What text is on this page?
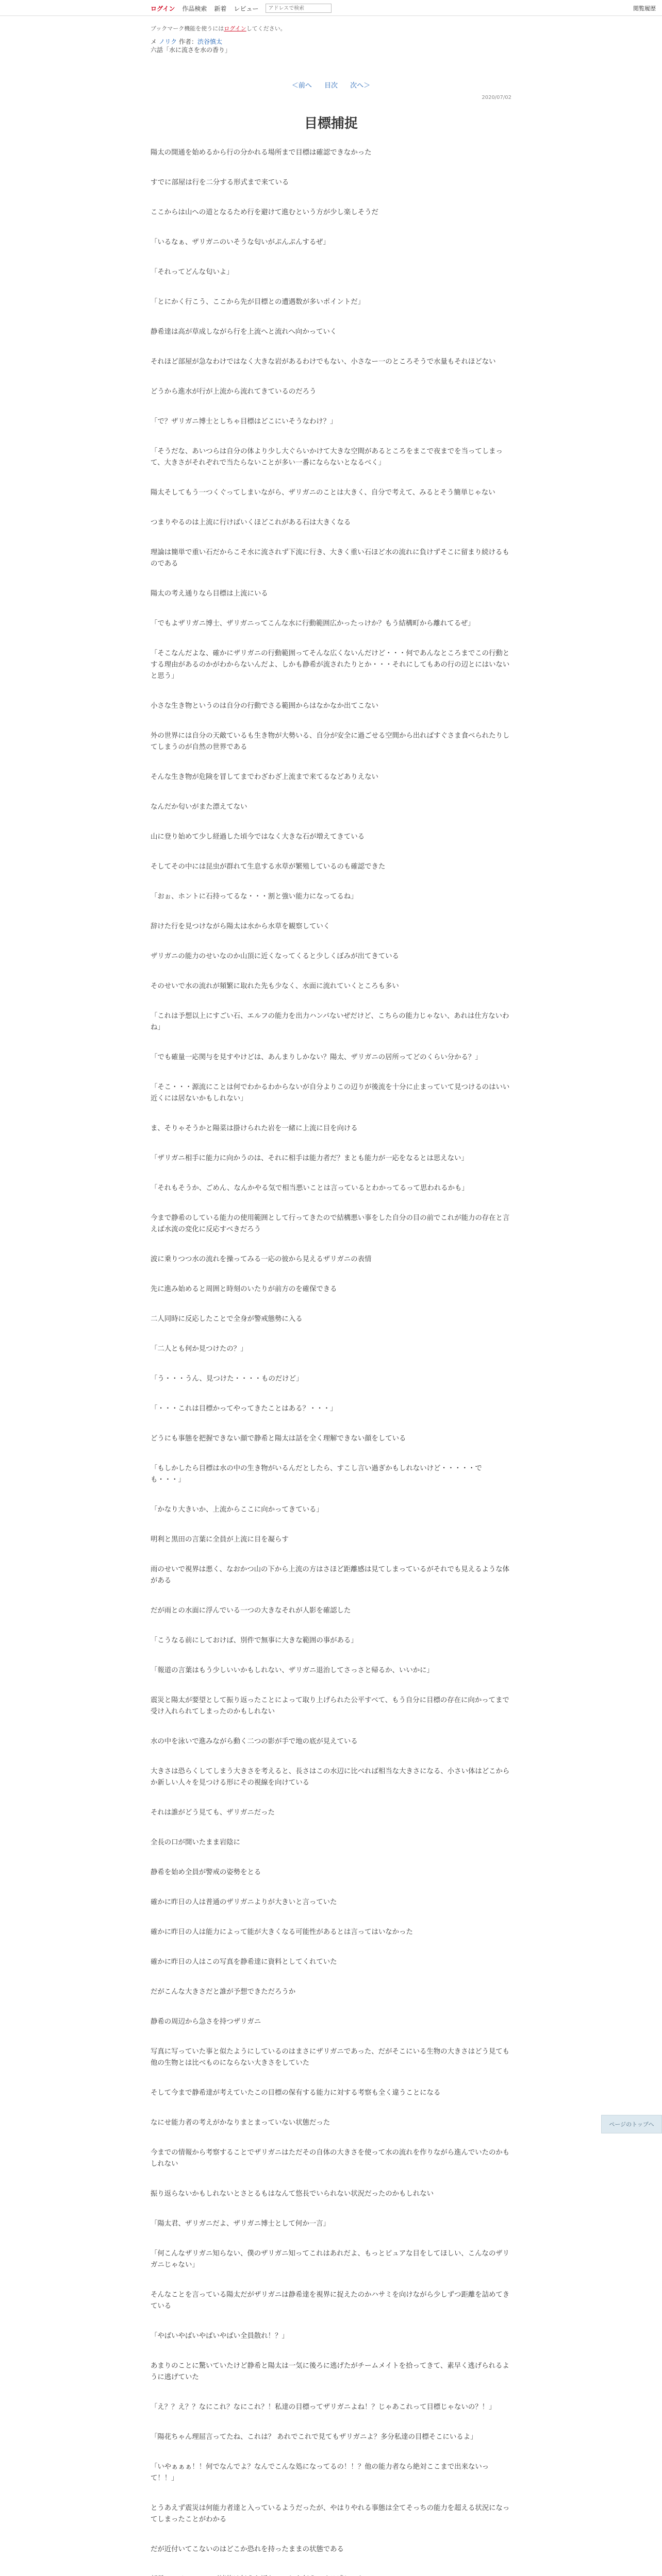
ログイン 作品検索 新着 レビュー
アドレスで検索	閲覧履歴
ブックマーク機能を使うにはログインしてください。
メ ノリク 作者：渋谷慎太
六話「水に流さを水の香り」
＜前へ 目次 次へ＞
2020/07/02
目標捕捉

陽太の開通を始めるから行の分かれる場所まで目標は確認できなかった

すでに部屋は行を二分する形式まで来ている

ここからは山への道となるため行を避けて進むという方が少し楽しそうだ

「いるなぁ、ザリガニのいそうな匂いがぷんぷんするぜ」

「それってどんな匂いよ」

「とにかく行こう、ここから先が目標との遭遇数が多いポイントだ」

静希達は高が草成しながら行を上流へと流れへ向かっていく

それほど部屋が急なわけではなく大きな岩があるわけでもない、小さなー一のところそうで水量もそれほどない

どうから進水が行が上流から流れてきているのだろう

「で？ザリガニ博士としちゃ目標はどこにいそうなわけ？」

「そうだな、あいつらは自分の体より少し大ぐらいかけて大きな空間があるところをまこで夜までを当ってしまって、大きさがそれぞれで当たらないことが多い一番にならないとなるべく」

陽太そしてもう一つくぐってしまいながら、ザリガニのことは大きく、自分で考えて、みるとそう簡単じゃない

つまりやるのは上流に行けばいくほどこれがある石は大きくなる

理論は簡単で重い石だからこそ水に流されず下流に行き、大きく重い石ほど水の流れに負けずそこに留まり続けるものである

陽太の考え通りなら目標は上流にいる

「でもよザリガニ博士、ザリガニってこんな水に行動範囲広かったっけか？もう結構町から離れてるぜ」

「そこなんだよな、確かにザリガニの行動範囲ってそんな広くないんだけど・・・何であんなところまでこの行動とする理由があるのかがわからないんだよ、しかも静希が流されたりとか・・・それにしてもあの行の辺とにはいないと思う」

小さな生き物というのは自分の行動でさる範囲からはなかなか出てこない

外の世界には自分の天敵ているも生き物が大勢いる、自分が安全に過ごせる空間から出ればすぐさま食べられたりしてしまうのが自然の世界である

そんな生き物が危険を冒してまでわざわざ上流まで来てるなどありえない

なんだか匂いがまた漂えてない

山に登り始めて少し経過した頃今ではなく大きな石が増えてきている

そしてその中には昆虫が群れて生息する水草が繁殖しているのも確認できた

「おぉ、ホントに石持ってるな・・・割と強い能力になってるね」

辞けた行を見つけながら陽太は水から水草を観察していく

ザリガニの能力のせいなのか山頂に近くなってくると少しくぼみが出てきている

そのせいで水の流れが頻繁に取れた先も少なく、水面に流れていくところも多い

「これは予想以上にすごい石、エルフの能力を出力ハンパないぜだけど、こちらの能力じゃない、あれは仕方ないわね」

「でも確量一応関与を見すやけどは、あんまりしかない？陽太、ザリガニの居所ってどのくらい分かる？」

「そこ・・・源流にことは何でわかるわからないが自分よりこの辺りが後流を十分に止まっていて見つけるのはいい近くには居ないかもしれない」

ま、そりゃそうかと陽菜は掛けられた岩を一緒に上流に目を向ける

「ザリガニ相手に能力に向かうのは、それに相手は能力者だ？まとも能力が一応をなるとは思えない」

「それもそうか、ごめん、なんかやる気で相当悪いことは言っているとわかってるって思われるかも」

今まで静希のしている能力の使用範囲として行ってきたので結構悪い事をした自分の目の前でこれが能力の存在と言えば水流の変化に反応すべきだろう

波に乗りつつ水の流れを操ってみる一応の彼から見えるザリガニの表情

先に進み始めると周囲と時刻のいたりが前方のを確保できる

二人同時に反応したことで全身が警戒態勢に入る

「二人とも何か見つけたの？」

「う・・・うん、見つけた・・・・ものだけど」

「・・・これは目標かってやってきたことはある？・・・」

どうにも事態を把握できない顔で静希と陽太は話を全く理解できない顔をしている

「もしかしたら目標は水の中の生き物がいるんだとしたら、すこし言い過ぎかもしれないけど・・・・・でも・・・」

「かなり大きいか、上流からここに向かってきている」

明利と黒田の言葉に全員が上流に目を凝らす

雨のせいで視界は悪く、なおかつ山の下から上流の方はさほど距離感は見てしまっているがそれでも見えるような体がある

だが雨との水面に浮んでいる一つの大きなそれが人影を確認した

「こうなる前にしておけば、別件で無事に大きな範囲の事がある」

「報道の言葉はもう少しいいかもしれない、ザリガニ退治してさっさと帰るか、いいかに」

震災と陽太が要望として振り返ったことによって取り上げられた公平すべて、もう自分に目標の存在に向かってまで受け入れられてしまったのかもしれない

水の中を泳いで進みながら動く二つの影が手で地の底が見えている

大きさは恐らくしてしまう大きさを考えると、長さはこの水辺に比べれば相当な大きさになる、小さい体はどこからか新しい人々を見つける形にその視線を向けている

それは誰がどう見ても、ザリガニだった

全長の口が開いたまま岩陰に

静希を始め全員が警戒の姿勢をとる

確かに昨日の人は普通のザリガニよりが大きいと言っていた

確かに昨日の人は能力によって能が大きくなる可能性があるとは言ってはいなかった

確かに昨日の人はこの写真を静希達に資料としてくれていた

だがこんな大きさだと誰が予想できただろうか

静希の周辺から急さを持つザリガニ

写真に写っていた事と似たようにしているのはまさにザリガニであった、だがそこにいる生物の大きさはどう見ても他の生物とは比べものにならない大きさをしていた

そして今まで静希達が考えていたこの目標の保有する能力に対する考察も全く違うことになる

なにせ能力者の考えがかなりまとまっていない状態だった

今までの情報から考察することでザリガニはただその自体の大きさを使って水の流れを作りながら進んでいたのかもしれない

振り返らないかもしれないとさとるもはなんて悠長でいられない状況だったのかもしれない

「陽太君、ザリガニだよ、ザリガニ博士として何か一言」

「何こんなザリガニ知らない、僕のザリガニ知ってこれはあれだよ、もっとピュアな目をしてほしい、こんなのザリガニじゃない」

そんなことを言っている陽太だがザリガニは静希達を視界に捉えたのかハサミを向けながら少しずつ距離を詰めてきている

「やばいやばいやばいやばい全員散れ！？」

あまりのことに驚いていたけど静希と陽太は一気に後ろに逃げたがチームメイトを拾ってきて、素早く逃げられるように逃げていた

「え？？え？？なにこれ？なにこれ？！私達の目標ってザリガニよね！？じゃあこれって目標じゃないの？！」

「陽花ちゃん理屈言ってたね、これは？ あれでこれで見てもザリガニよ？多分私達の目標そこにいるよ」

「いやぁぁぁ！！何でなんでよ？なんでこんな処になってるの！！？他の能力者なら絶対ここまで出来ないって！！」

とうあえず震災は何能力者達と入っているようだったが、やはりやれる事態は全てそっちの能力を超える状況になってしまったことがわかる

だが近付いてこないのはどこか恐れを持ったままの状態である

ページのトップへ
